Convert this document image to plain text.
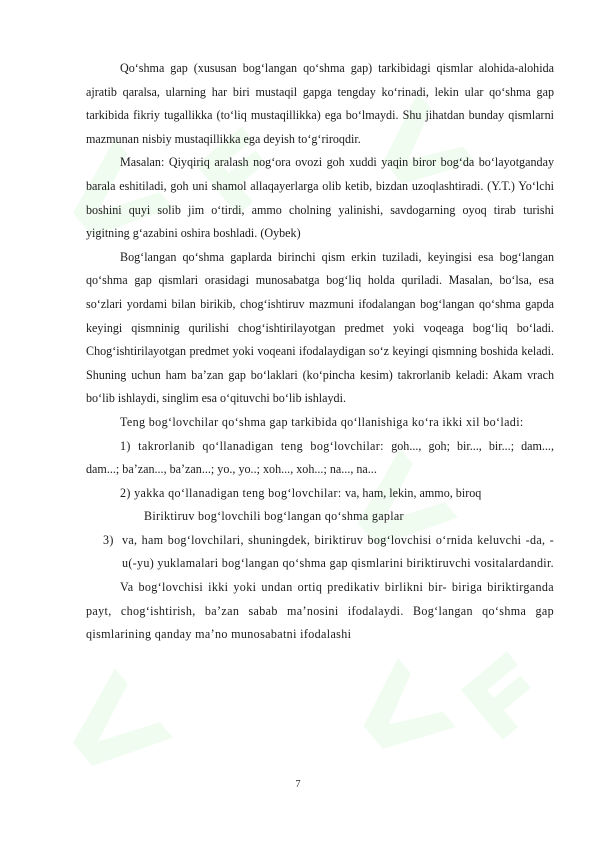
Qo‘shma gap (xususan bog‘langan qo‘shma gap) tarkibidagi qismlar alohida-alohida ajratib qaralsa, ularning har biri mustaqil gapga tengday ko‘rinadi, lekin ular qo‘shma gap tarkibida fikriy tugallikka (to‘liq mustaqillikka) ega bo‘lmaydi. Shu jihatdan bunday qismlarni mazmunan nisbiy mustaqillikka ega deyish to‘g‘riroqdir.

Masalan: Qiyqiriq aralash nog‘ora ovozi goh xuddi yaqin biror bog‘da bo‘layotganday barala eshitiladi, goh uni shamol allaqayerlarga olib ketib, bizdan uzoqlashtiradi. (Y.T.) Yo‘lchi boshini quyi solib jim o‘tirdi, ammo cholning yalinishi, savdogarning oyoq tirab turishi yigitning g‘azabini oshira boshladi. (Oybek)

Bog‘langan qo‘shma gaplarda birinchi qism erkin tuziladi, keyingisi esa bog‘langan qo‘shma gap qismlari orasidagi munosabatga bog‘liq holda quriladi. Masalan, bo‘lsa, esa so‘zlari yordami bilan birikib, chog‘ishtiruv mazmuni ifodalangan bog‘langan qo‘shma gapda keyingi qismninig qurilishi chog‘ishtirilayotgan predmet yoki voqeaga bog‘liq bo‘ladi. Chog‘ishtirilayotgan predmet yoki voqeani ifodalaydigan so‘z keyingi qismning boshida keladi. Shuning uchun ham ba’zan gap bo‘laklari (ko‘pincha kesim) takrorlanib keladi: Akam vrach bo‘lib ishlaydi, singlim esa o‘qituvchi bo‘lib ishlaydi.

Teng bog‘lovchilar qo‘shma gap tarkibida qo‘llanishiga ko‘ra ikki xil bo‘ladi:

1) takrorlanib qo‘llanadigan teng bog‘lovchilar: goh..., goh; bir..., bir...; dam..., dam...; ba’zan..., ba’zan...; yo., yo..; xoh..., xoh...; na..., na...

2) yakka qo‘llanadigan teng bog‘lovchilar: va, ham, lekin, ammo, biroq

Biriktiruv bog‘lovchili bog‘langan qo‘shma gaplar

3) va, ham bog‘lovchilari, shuningdek, biriktiruv bog‘lovchisi o‘rnida keluvchi -da, -u(-yu) yuklamalari bog‘langan qo‘shma gap qismlarini biriktiruvchi vositalardandir.

Va bog‘lovchisi ikki yoki undan ortiq predikativ birlikni bir- biriga biriktirganda payt, chog‘ishtirish, ba’zan sabab ma’nosini ifodalaydi. Bog‘langan qo‘shma gap qismlarining qanday ma’no munosabatni ifodalashi

7
